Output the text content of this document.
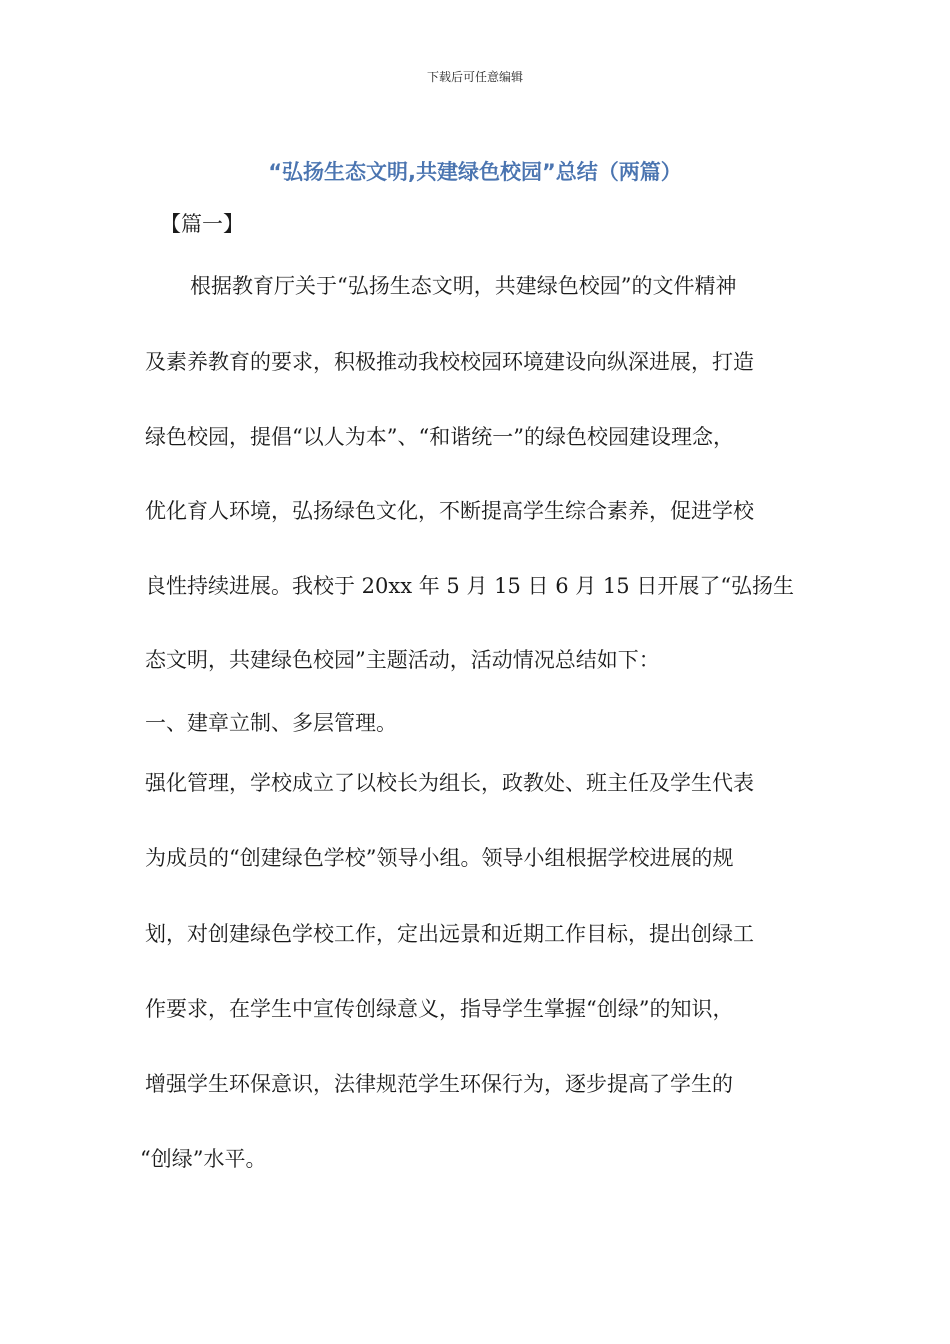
下载后可任意编辑
“弘扬生态文明,共建绿色校园”总结（两篇）
【篇一】
根据教育厅关于“弘扬生态文明，共建绿色校园”的文件精神
及素养教育的要求，积极推动我校校园环境建设向纵深进展，打造
绿色校园，提倡“以人为本”、“和谐统一”的绿色校园建设理念，
优化育人环境，弘扬绿色文化，不断提高学生综合素养，促进学校
良性持续进展。我校于 20xx 年 5 月 15 日 6 月 15 日开展了“弘扬生
态文明，共建绿色校园”主题活动，活动情况总结如下：
一、建章立制、多层管理。
强化管理，学校成立了以校长为组长，政教处、班主任及学生代表
为成员的“创建绿色学校”领导小组。领导小组根据学校进展的规
划，对创建绿色学校工作，定出远景和近期工作目标，提出创绿工
作要求，在学生中宣传创绿意义，指导学生掌握“创绿”的知识，
增强学生环保意识，法律规范学生环保行为，逐步提高了学生的
“创绿”水平。
